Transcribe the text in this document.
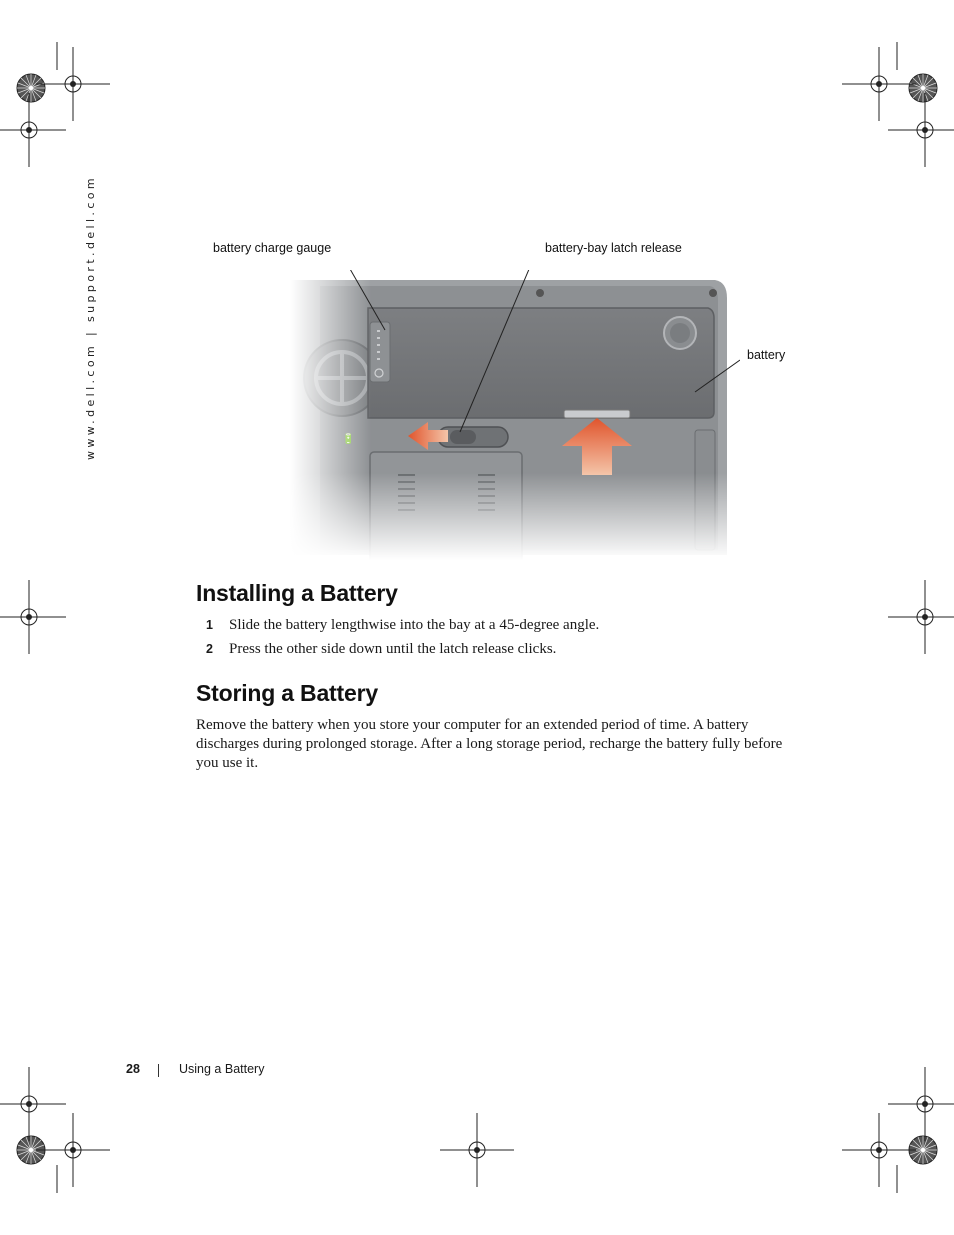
www.dell.com | support.dell.com	battery charge gauge	battery-bay latch release
battery
Installing a Battery
1 Slide the battery lengthwise into the bay at a 45-degree angle.
2 Press the other side down until the latch release clicks.
Storing a Battery
Remove the battery when you store your computer for an extended period of time. A battery discharges during prolonged storage. After a long storage period, recharge the battery fully before you use it.
28	Using a Battery
